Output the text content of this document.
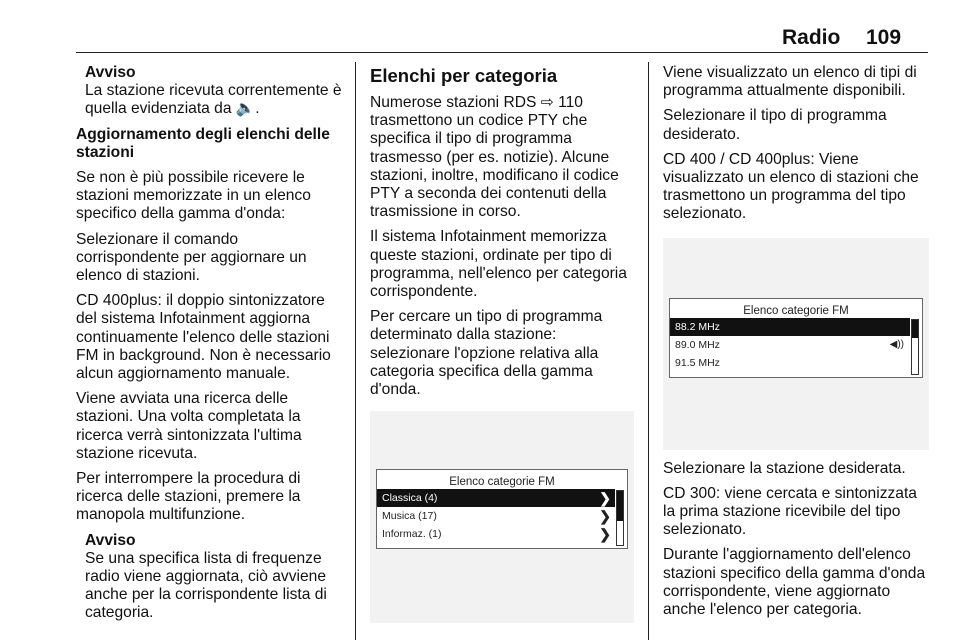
Radio 109

Avviso
La stazione ricevuta correntemente è quella evidenziata da 🔈.

Aggiornamento degli elenchi delle stazioni

Se non è più possibile ricevere le stazioni memorizzate in un elenco specifico della gamma d'onda:

Selezionare il comando corrispondente per aggiornare un elenco di stazioni.

CD 400plus: il doppio sintonizzatore del sistema Infotainment aggiorna continuamente l'elenco delle stazioni FM in background. Non è necessario alcun aggiornamento manuale.

Viene avviata una ricerca delle stazioni. Una volta completata la ricerca verrà sintonizzata l'ultima stazione ricevuta.

Per interrompere la procedura di ricerca delle stazioni, premere la manopola multifunzione.

Avviso
Se una specifica lista di frequenze radio viene aggiornata, ciò avviene anche per la corrispondente lista di categoria.

Elenchi per categoria

Numerose stazioni RDS ⇨ 110 trasmettono un codice PTY che specifica il tipo di programma trasmesso (per es. notizie). Alcune stazioni, inoltre, modificano il codice PTY a seconda dei contenuti della trasmissione in corso.

Il sistema Infotainment memorizza queste stazioni, ordinate per tipo di programma, nell'elenco per categoria corrispondente.

Per cercare un tipo di programma determinato dalla stazione: selezionare l'opzione relativa alla categoria specifica della gamma d'onda.

Elenco categorie FM
Classica (4)	❯
Musica (17)	❯
Informaz. (1)	❯

Viene visualizzato un elenco di tipi di programma attualmente disponibili.

Selezionare il tipo di programma desiderato.

CD 400 / CD 400plus: Viene visualizzato un elenco di stazioni che trasmettono un programma del tipo selezionato.

Elenco categorie FM
88.2 MHz
89.0 MHz	◀))
91.5 MHz

Selezionare la stazione desiderata.

CD 300: viene cercata e sintonizzata la prima stazione ricevibile del tipo selezionato.

Durante l'aggiornamento dell'elenco stazioni specifico della gamma d'onda corrispondente, viene aggiornato anche l'elenco per categoria.
